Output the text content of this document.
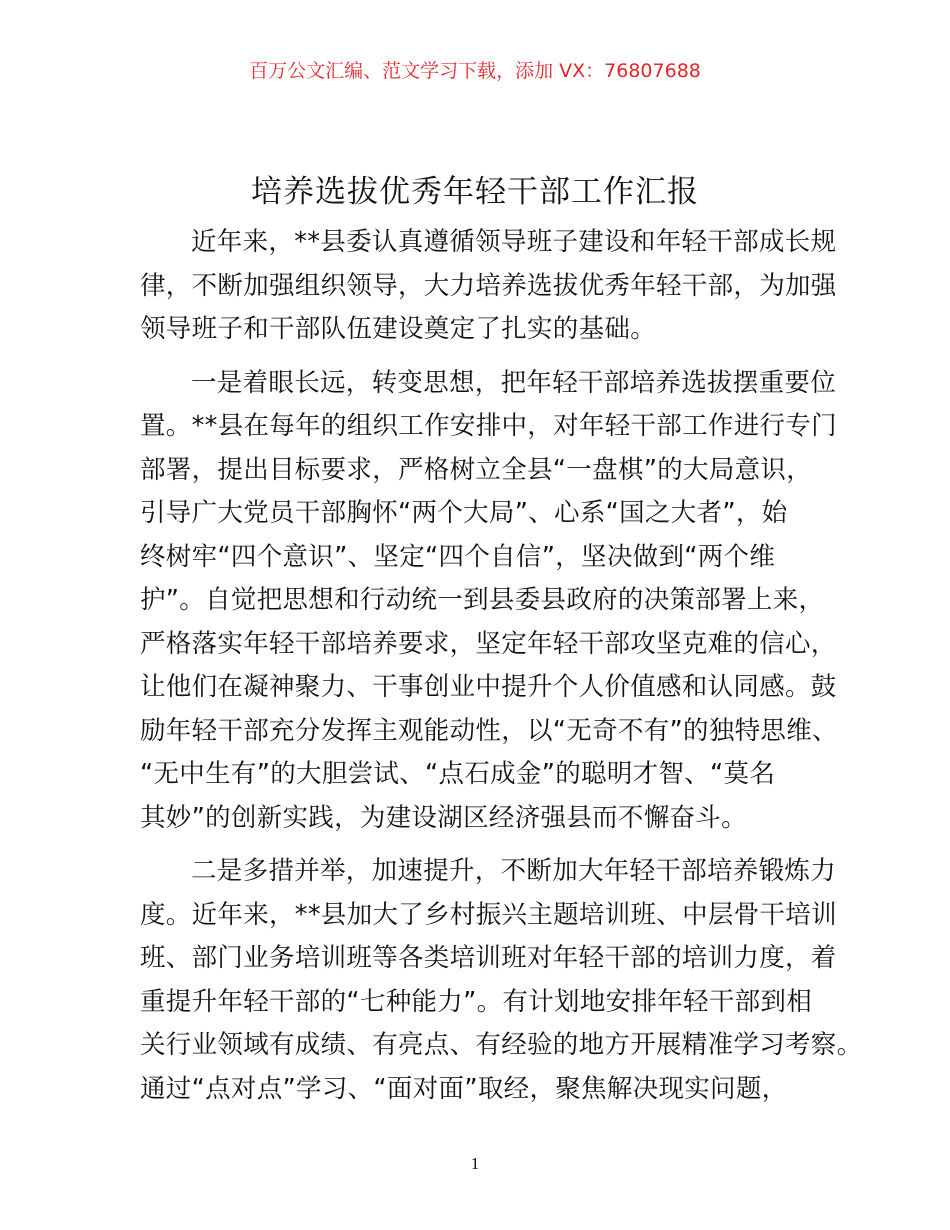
百万公文汇编、范文学习下载，添加 VX：76807688
培养选拔优秀年轻干部工作汇报
近年来，**县委认真遵循领导班子建设和年轻干部成长规
律，不断加强组织领导，大力培养选拔优秀年轻干部，为加强
领导班子和干部队伍建设奠定了扎实的基础。
一是着眼长远，转变思想，把年轻干部培养选拔摆重要位
置。**县在每年的组织工作安排中，对年轻干部工作进行专门
部署，提出目标要求，严格树立全县“一盘棋”的大局意识，
引导广大党员干部胸怀“两个大局”、心系“国之大者”，始
终树牢“四个意识”、坚定“四个自信”，坚决做到“两个维
护”。自觉把思想和行动统一到县委县政府的决策部署上来，
严格落实年轻干部培养要求，坚定年轻干部攻坚克难的信心，
让他们在凝神聚力、干事创业中提升个人价值感和认同感。鼓
励年轻干部充分发挥主观能动性，以“无奇不有”的独特思维、
“无中生有”的大胆尝试、“点石成金”的聪明才智、“莫名
其妙”的创新实践，为建设湖区经济强县而不懈奋斗。
二是多措并举，加速提升，不断加大年轻干部培养锻炼力
度。近年来，**县加大了乡村振兴主题培训班、中层骨干培训
班、部门业务培训班等各类培训班对年轻干部的培训力度，着
重提升年轻干部的“七种能力”。有计划地安排年轻干部到相
关行业领域有成绩、有亮点、有经验的地方开展精准学习考察。
通过“点对点”学习、“面对面”取经，聚焦解决现实问题，
1
